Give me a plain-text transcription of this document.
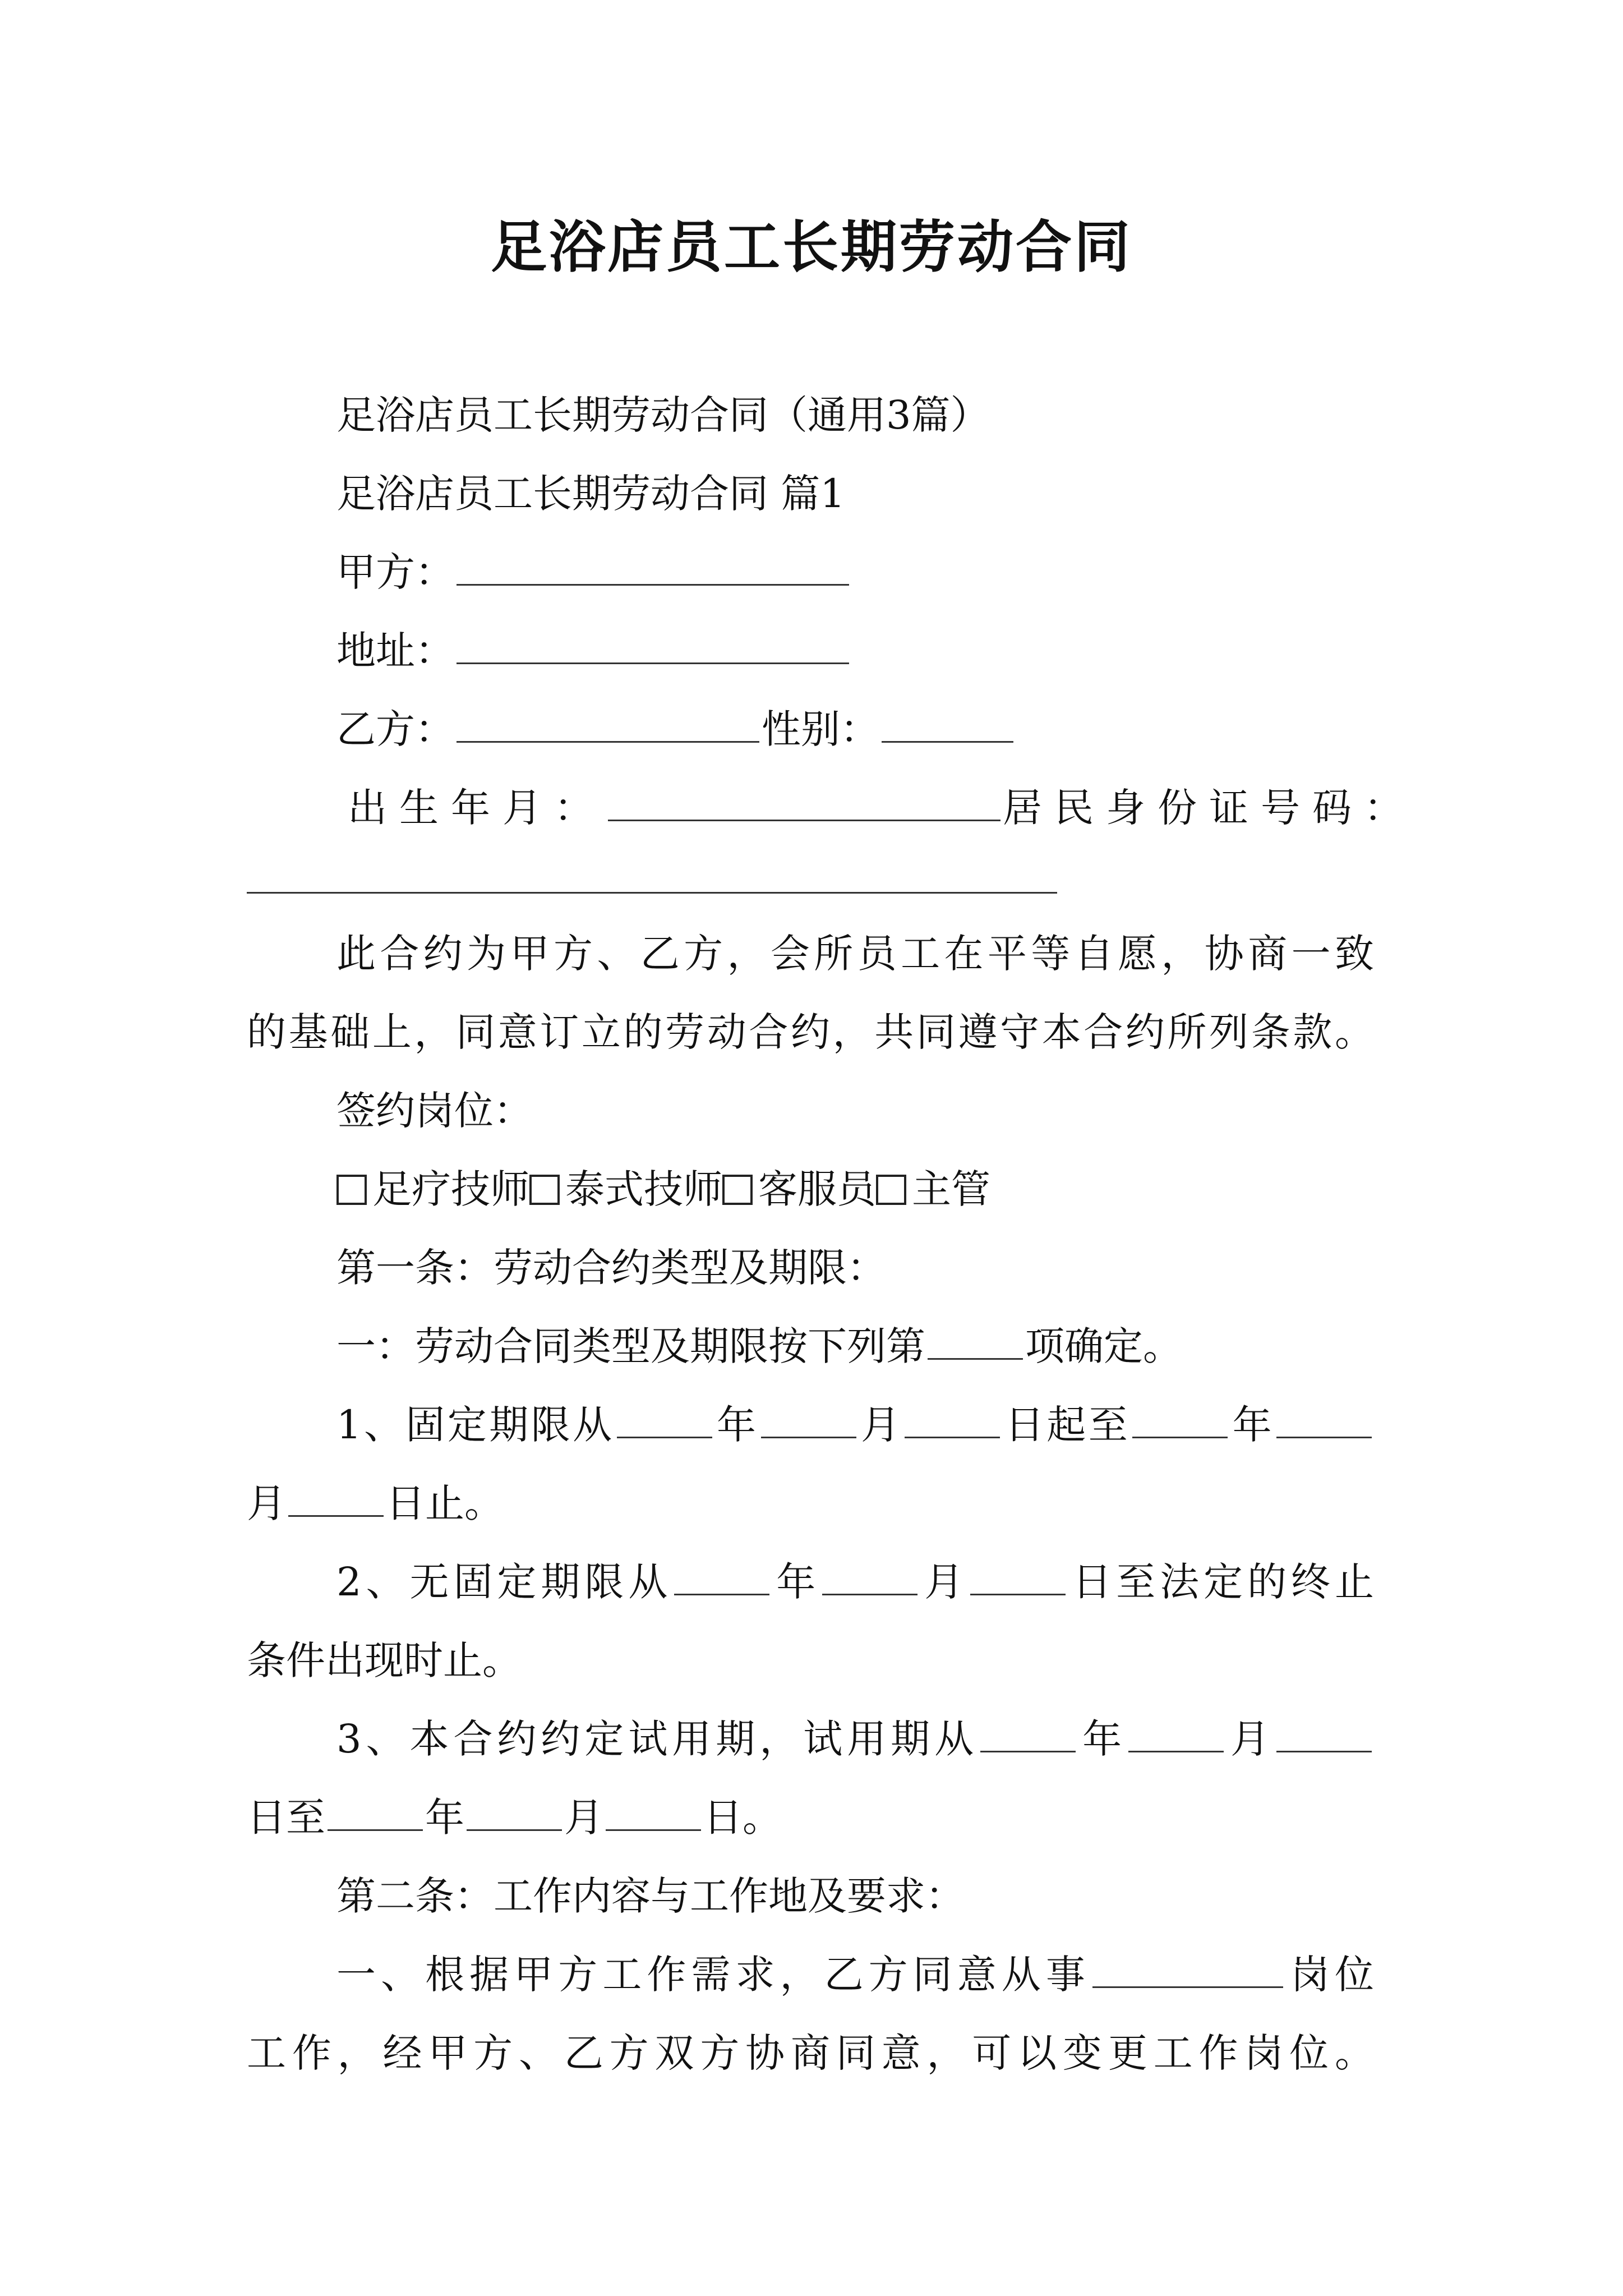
足浴店员工长期劳动合同
足浴店员工长期劳动合同（通用3篇）
足浴店员工长期劳动合同 篇1
甲方：
地址：
乙方：	性别：
出生年月：	居民身份证号码：
此合约为甲方、乙方，会所员工在平等自愿，协商一致
的基础上，同意订立的劳动合约，共同遵守本合约所列条款。
签约岗位：
足疗技师 泰式技师 客服员 主管
第一条：劳动合约类型及期限：
一：劳动合同类型及期限按下列第	项确定。
1、固定期限从	年	月	日起至	年
月	日止。
2、无固定期限从	年	月	日至法定的终止
条件出现时止。
3、本合约约定试用期，试用期从	年	月
日至	年	月	日。
第二条：工作内容与工作地及要求：
一、根据甲方工作需求，乙方同意从事	岗位
工作，经甲方、乙方双方协商同意，可以变更工作岗位。
